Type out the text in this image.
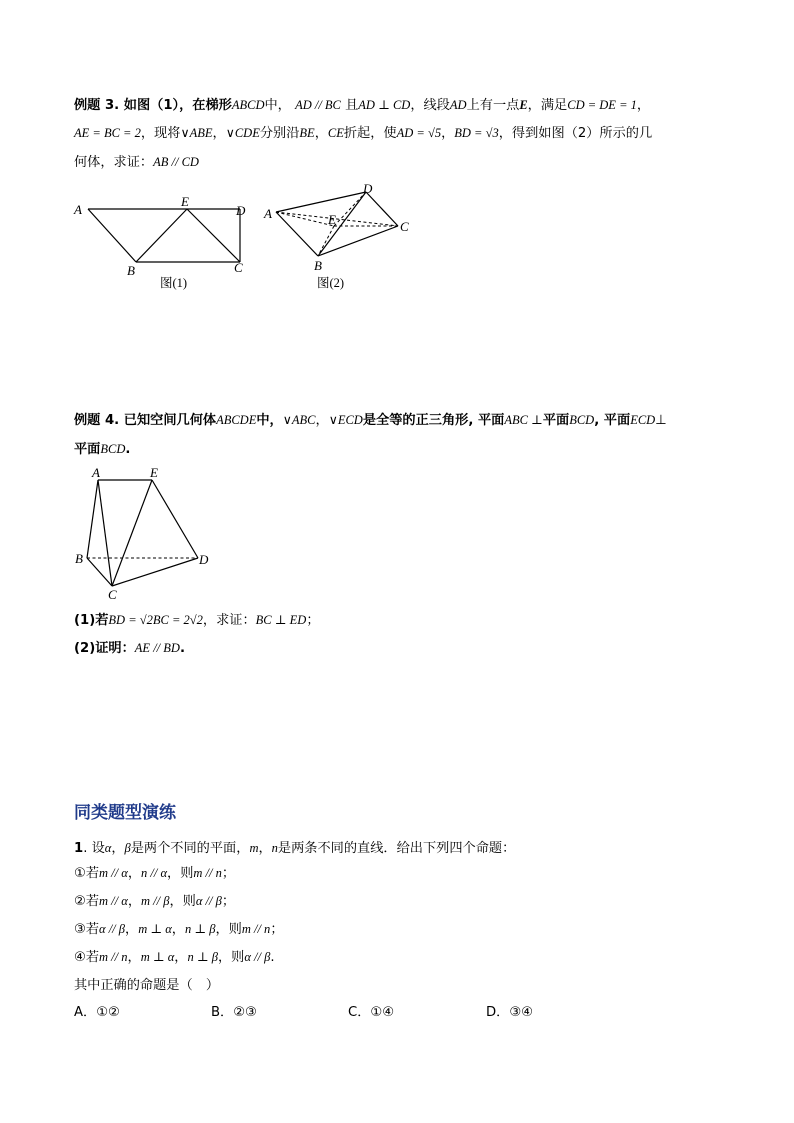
例题 3. 如图（1），在梯形ABCD中， AD // BC 且AD ⊥ CD，线段AD上有一点E，满足CD = DE = 1，
AE = BC = 2，现将∨ABE，∨CDE分别沿BE，CE折起，使AD = √5，BD = √3，得到如图（2）所示的几
何体，求证：AB // CD
A
E
D
B	C
图(1)
A
D
E	C
B
图(2)
例题 4. 已知空间几何体ABCDE中，∨ABC，∨ECD是全等的正三角形, 平面ABC ⊥平面BCD, 平面ECD⊥
平面BCD.
A	E
B	D
C
(1)若BD = √2BC = 2√2，求证：BC ⊥ ED；
(2)证明：AE // BD.
同类题型演练
1. 设α，β是两个不同的平面，m，n是两条不同的直线．给出下列四个命题：
①若m // α，n // α，则m // n；
②若m // α，m // β，则α // β；
③若α // β，m ⊥ α，n ⊥ β，则m // n；
④若m // n，m ⊥ α，n ⊥ β，则α // β.
其中正确的命题是（　）
A．①②	B．②③	C．①④	D．③④
